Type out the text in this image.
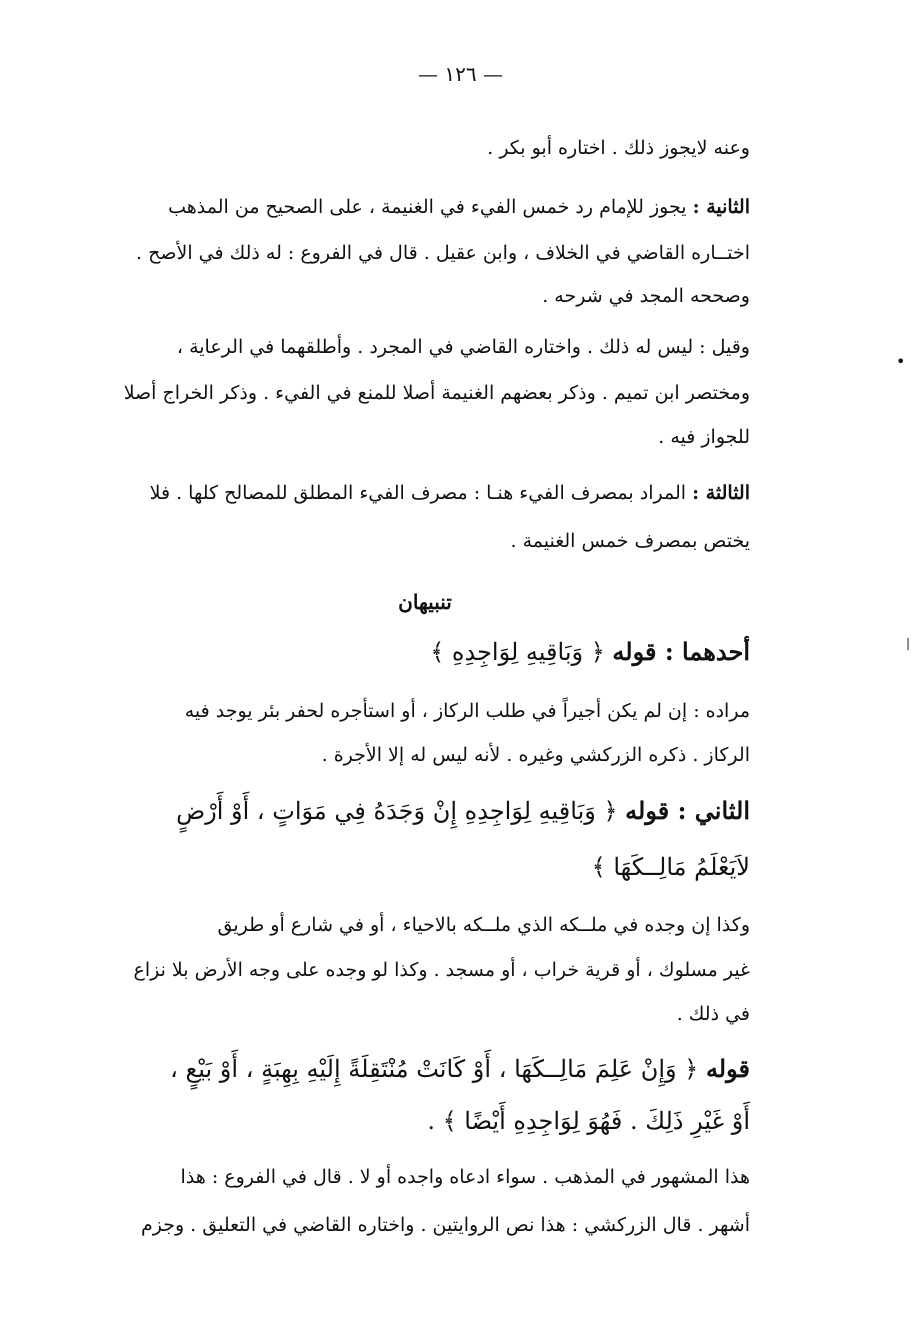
— ١٢٦ —
وعنه لايجوز ذلك . اختاره أبو بكر .
الثانية : يجوز للإمام رد خمس الفيء في الغنيمة ، على الصحيح من المذهب
اختــاره القاضي في الخلاف ، وابن عقيل . قال في الفروع : له ذلك في الأصح .
وصححه المجد في شرحه .
وقيل : ليس له ذلك . واختاره القاضي في المجرد . وأطلقهما في الرعاية ،
ومختصر ابن تميم . وذكر بعضهم الغنيمة أصلا للمنع في الفيء . وذكر الخراج أصلا
للجواز فيه .
الثالثة : المراد بمصرف الفيء هنـا : مصرف الفيء المطلق للمصالح كلها . فلا
يختص بمصرف خمس الغنيمة .
تنبيهان
أحدهما : قوله ﴿ وَبَاقِيهِ لِوَاجِدِهِ ﴾
مراده : إن لم يكن أجيراً في طلب الركاز ، أو استأجره لحفر بئر يوجد فيه
الركاز . ذكره الزركشي وغيره . لأنه ليس له إلا الأجرة .
الثاني : قوله ﴿ وَبَاقِيهِ لِوَاجِدِهِ إِنْ وَجَدَهُ فِي مَوَاتٍ ، أَوْ أَرْضٍ
لاَيَعْلَمُ مَالِــكَهَا ﴾
وكذا إن وجده في ملــكه الذي ملــكه بالاحياء ، أو في شارع أو طريق
غير مسلوك ، أو قرية خراب ، أو مسجد . وكذا لو وجده على وجه الأرض بلا نزاع
في ذلك .
قوله ﴿ وَإِنْ عَلِمَ مَالِــكَهَا ، أَوْ كَانَتْ مُنْتَقِلَةً إِلَيْهِ بِهِبَةٍ ، أَوْ بَيْعٍ ،
أَوْ غَيْرِ ذَلِكَ . فَهُوَ لِوَاجِدِهِ أَيْضًا ﴾ .
هذا المشهور في المذهب . سواء ادعاه واجده أو لا . قال في الفروع : هذا
أشهر . قال الزركشي : هذا نص الروايتين . واختاره القاضي في التعليق . وجزم
•
|
